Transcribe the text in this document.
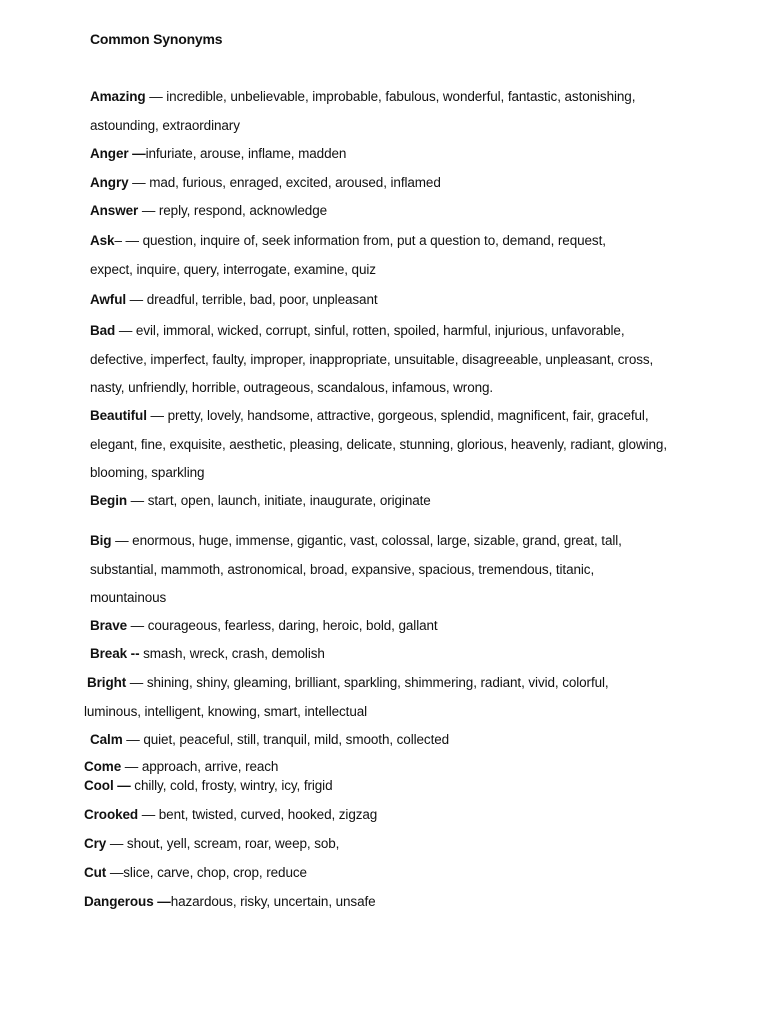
Common Synonyms
Amazing — incredible, unbelievable, improbable, fabulous, wonderful, fantastic, astonishing, astounding, extraordinary
Anger —infuriate, arouse, inflame, madden
Angry — mad, furious, enraged, excited, aroused, inflamed
Answer — reply, respond, acknowledge
Ask– — question, inquire of, seek information from, put a question to, demand, request, expect, inquire, query, interrogate, examine, quiz
Awful — dreadful, terrible, bad, poor, unpleasant
Bad — evil, immoral, wicked, corrupt, sinful, rotten, spoiled, harmful, injurious, unfavorable, defective, imperfect, faulty, improper, inappropriate, unsuitable, disagreeable, unpleasant, cross, nasty, unfriendly, horrible, outrageous, scandalous, infamous, wrong.
Beautiful — pretty, lovely, handsome, attractive, gorgeous, splendid, magnificent, fair, graceful, elegant, fine, exquisite, aesthetic, pleasing, delicate, stunning, glorious, heavenly, radiant, glowing, blooming, sparkling
Begin — start, open, launch, initiate, inaugurate, originate
Big — enormous, huge, immense, gigantic, vast, colossal, large, sizable, grand, great, tall, substantial, mammoth, astronomical, broad, expansive, spacious, tremendous, titanic, mountainous
Brave — courageous, fearless, daring, heroic, bold, gallant
Break -- smash, wreck, crash, demolish
Bright — shining, shiny, gleaming, brilliant, sparkling, shimmering, radiant, vivid, colorful, luminous, intelligent, knowing, smart, intellectual
Calm — quiet, peaceful, still, tranquil, mild, smooth, collected
Come — approach, arrive, reach
Cool — chilly, cold, frosty, wintry, icy, frigid
Crooked — bent, twisted, curved, hooked, zigzag
Cry — shout, yell, scream, roar, weep, sob,
Cut —slice, carve, chop, crop, reduce
Dangerous —hazardous, risky, uncertain, unsafe
